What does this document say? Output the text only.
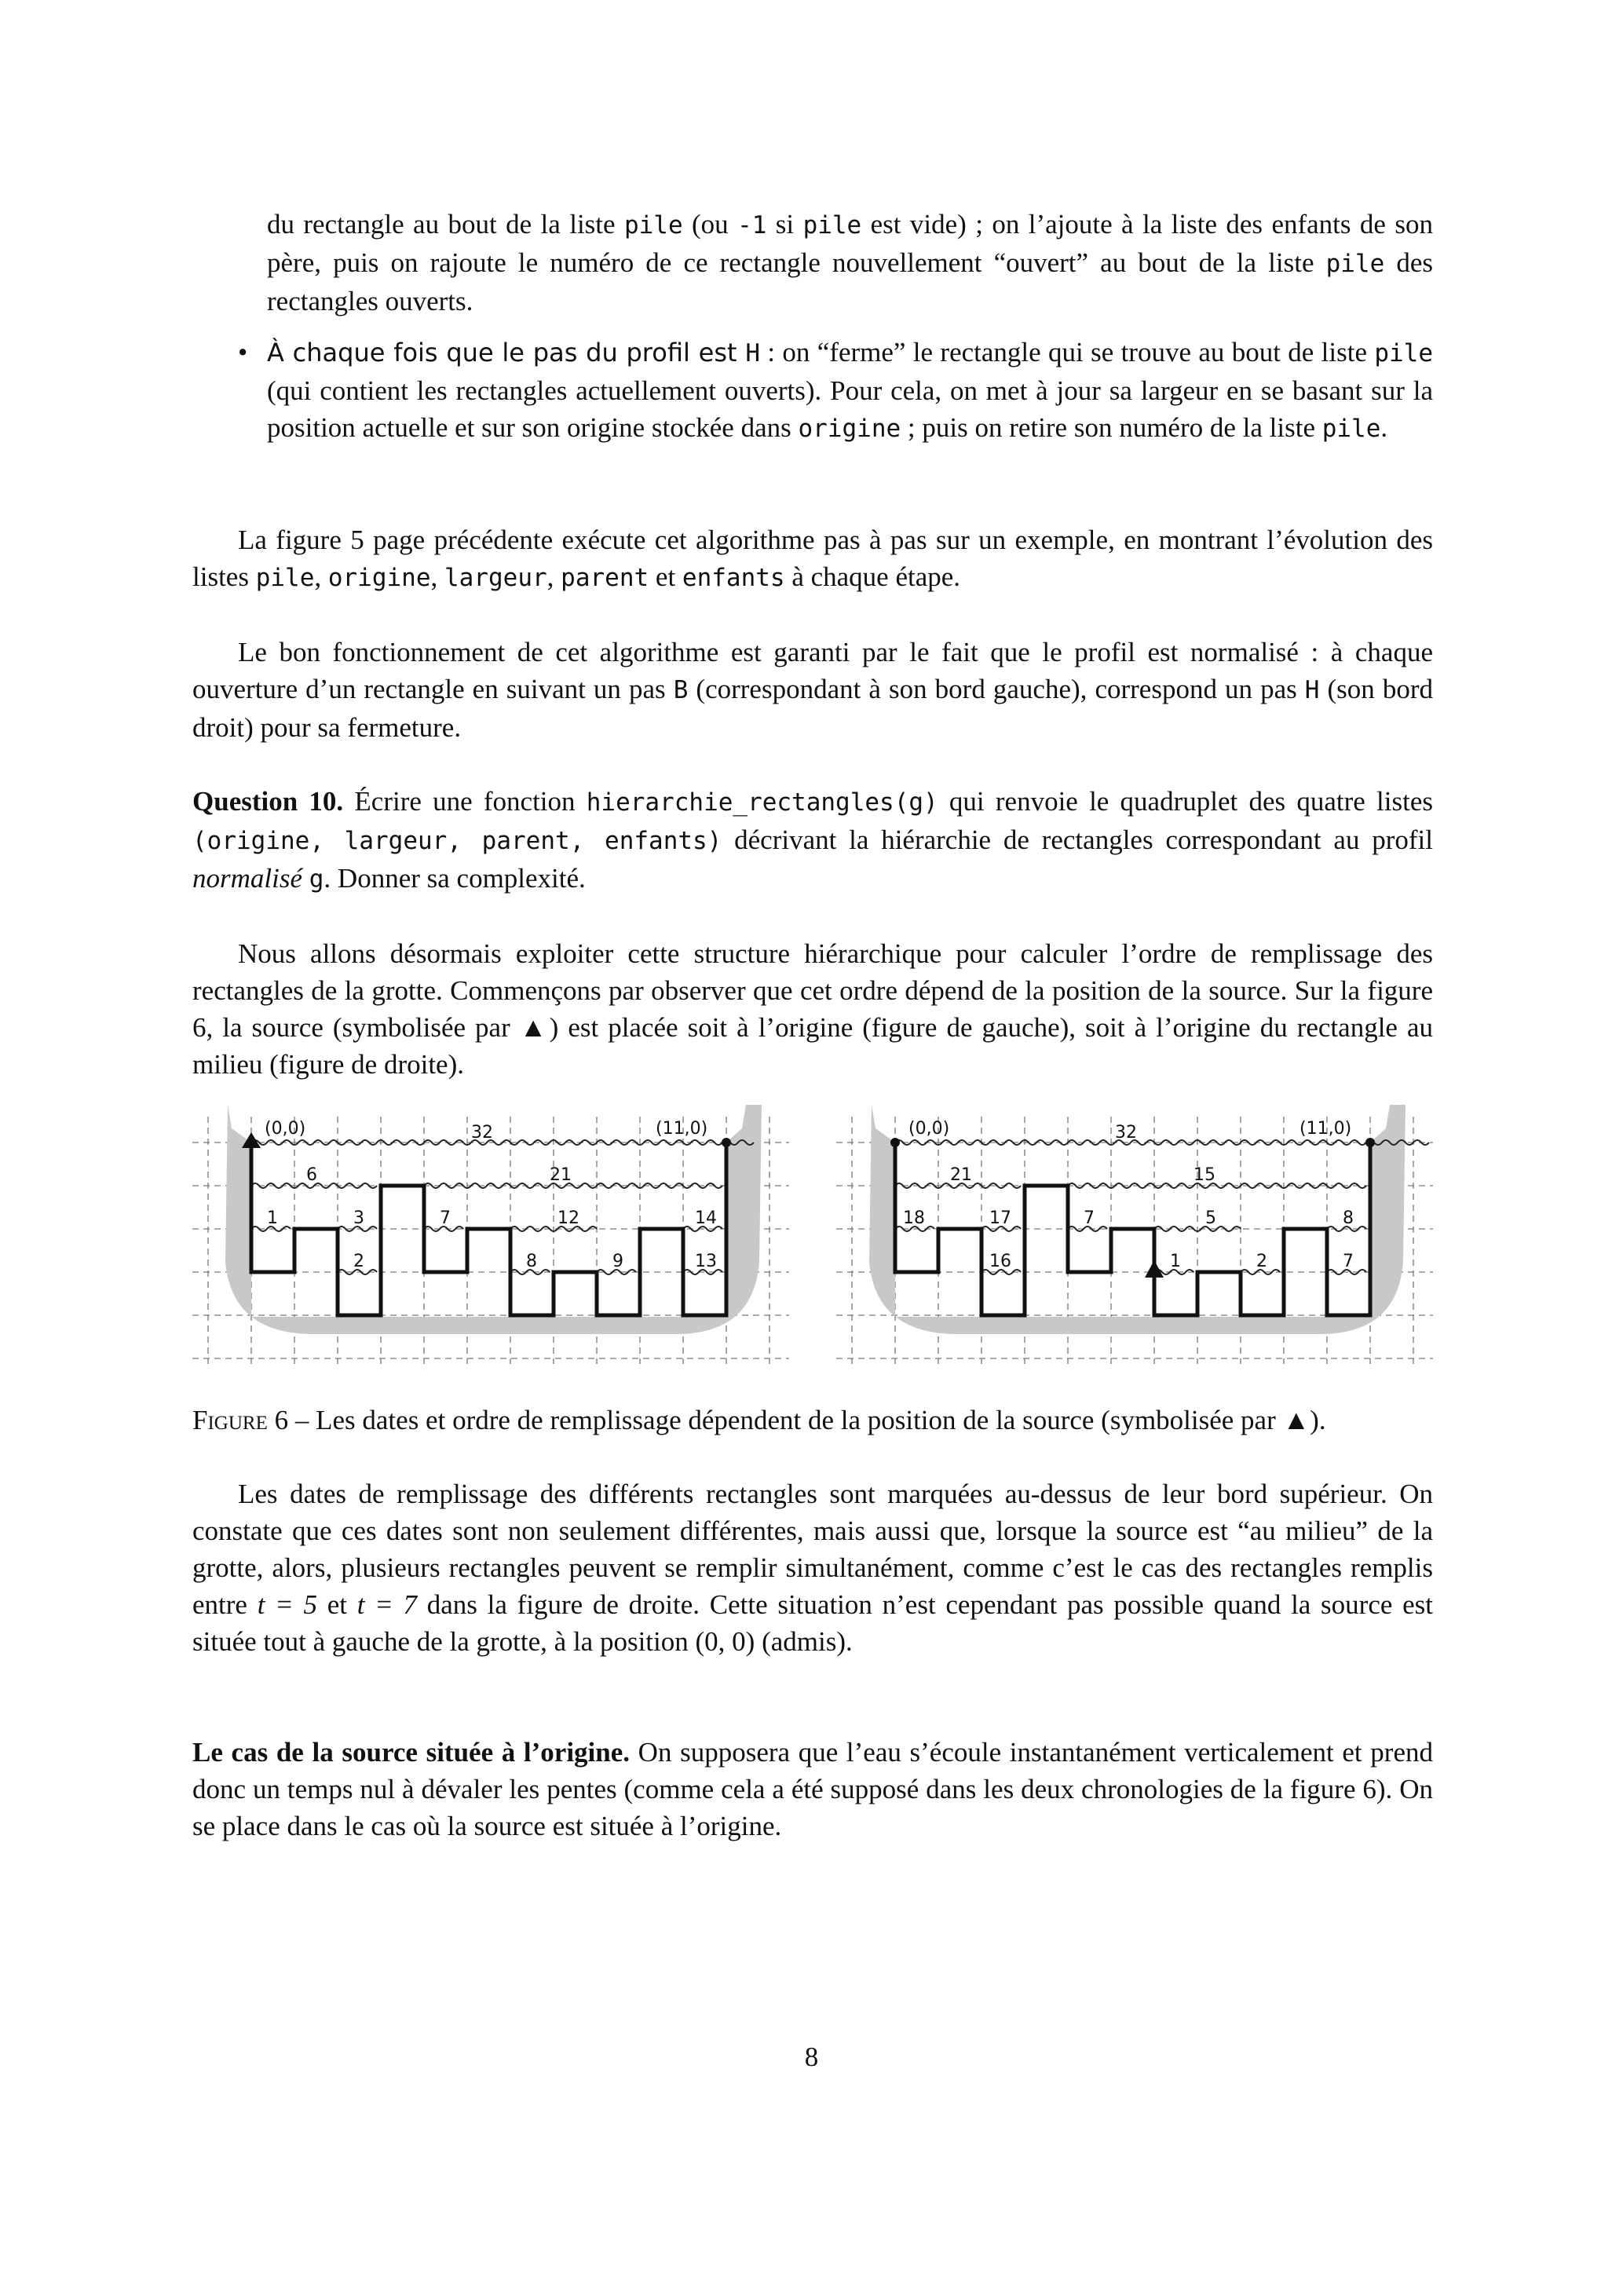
du rectangle au bout de la liste pile (ou -1 si pile est vide) ; on l’ajoute à la liste des enfants de son père, puis on rajoute le numéro de ce rectangle nouvellement “ouvert” au bout de la liste pile des rectangles ouverts.

• À chaque fois que le pas du profil est H : on “ferme” le rectangle qui se trouve au bout de liste pile (qui contient les rectangles actuellement ouverts). Pour cela, on met à jour sa largeur en se basant sur la position actuelle et sur son origine stockée dans origine ; puis on retire son numéro de la liste pile.

La figure 5 page précédente exécute cet algorithme pas à pas sur un exemple, en montrant l’évolution des listes pile, origine, largeur, parent et enfants à chaque étape.

Le bon fonctionnement de cet algorithme est garanti par le fait que le profil est normalisé : à chaque ouverture d’un rectangle en suivant un pas B (correspondant à son bord gauche), correspond un pas H (son bord droit) pour sa fermeture.

Question 10. Écrire une fonction hierarchie_rectangles(g) qui renvoie le quadruplet des quatre listes (origine, largeur, parent, enfants) décrivant la hiérarchie de rectangles correspondant au profil normalisé g. Donner sa complexité.

Nous allons désormais exploiter cette structure hiérarchique pour calculer l’ordre de remplissage des rectangles de la grotte. Commençons par observer que cet ordre dépend de la position de la source. Sur la figure 6, la source (symbolisée par ▲) est placée soit à l’origine (figure de gauche), soit à l’origine du rectangle au milieu (figure de droite).

(0,0)	(11,0)
32
6	21
1	3	7	12	14
2	8	9	13
(0,0)	(11,0)
32
21	15
18	17	7	5	8
16	1	2	7

Figure 6 – Les dates et ordre de remplissage dépendent de la position de la source (symbolisée par ▲).

Les dates de remplissage des différents rectangles sont marquées au-dessus de leur bord supérieur. On constate que ces dates sont non seulement différentes, mais aussi que, lorsque la source est “au milieu” de la grotte, alors, plusieurs rectangles peuvent se remplir simultanément, comme c’est le cas des rectangles remplis entre t = 5 et t = 7 dans la figure de droite. Cette situation n’est cependant pas possible quand la source est située tout à gauche de la grotte, à la position (0, 0) (admis).

Le cas de la source située à l’origine. On supposera que l’eau s’écoule instantanément verticalement et prend donc un temps nul à dévaler les pentes (comme cela a été supposé dans les deux chronologies de la figure 6). On se place dans le cas où la source est située à l’origine.

8
